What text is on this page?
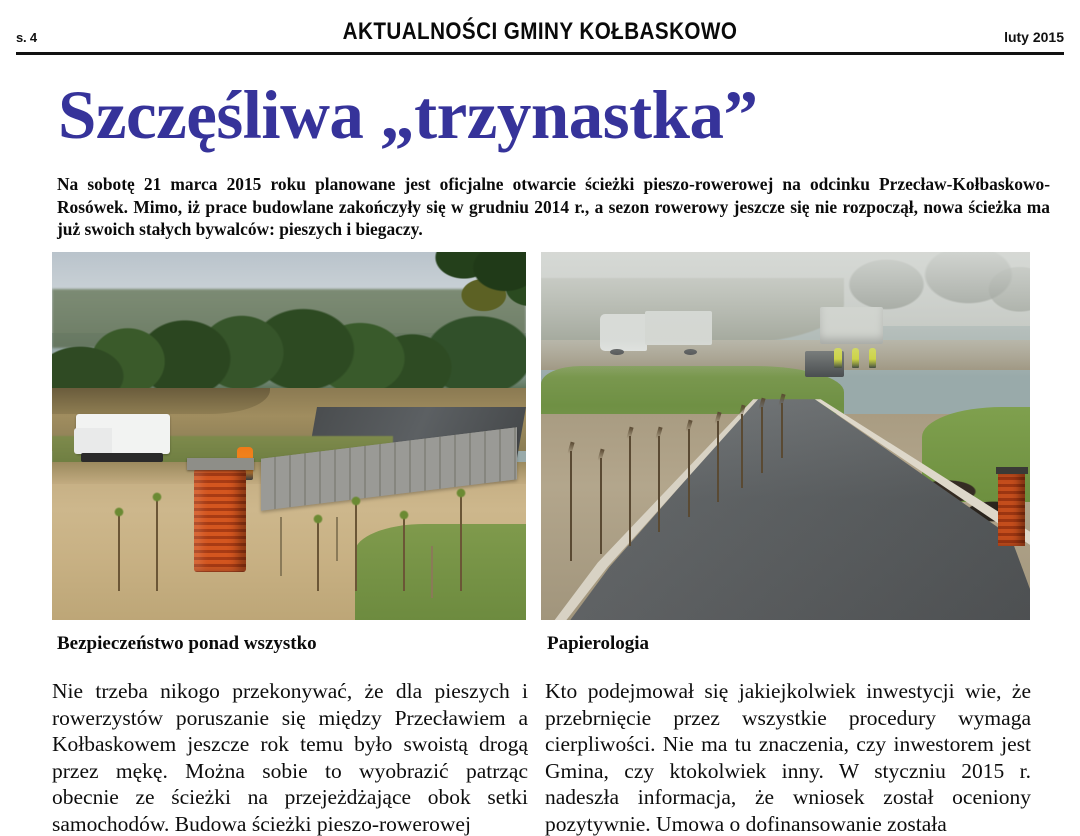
s. 4	AKTUALNOŚCI GMINY KOŁBASKOWO	luty 2015
Szczęśliwa „trzynastka”
Na sobotę 21 marca 2015 roku planowane jest oficjalne otwarcie ścieżki pieszo-rowerowej na odcinku Przecław-Kołbaskowo-Rosówek. Mimo, iż prace budowlane zakończyły się w grudniu 2014 r., a sezon rowerowy jeszcze się nie rozpoczął, nowa ścieżka ma już swoich stałych bywalców: pieszych i biegaczy.
Bezpieczeństwo ponad wszystko	Papierologia
Nie trzeba nikogo przekonywać, że dla pieszych i rowerzystów poruszanie się między Przecławiem a Kołbaskowem jeszcze rok temu było swoistą drogą przez mękę. Można sobie to wyobrazić patrząc obecnie ze ścieżki na przejeżdżające obok setki samochodów. Budowa ścieżki pieszo-rowerowej
Kto podejmował się jakiejkolwiek inwestycji wie, że przebrnięcie przez wszystkie procedury wymaga cierpliwości. Nie ma tu znaczenia, czy inwestorem jest Gmina, czy ktokolwiek inny. W styczniu 2015 r. nadeszła informacja, że wniosek został oceniony pozytywnie. Umowa o dofinansowanie została
